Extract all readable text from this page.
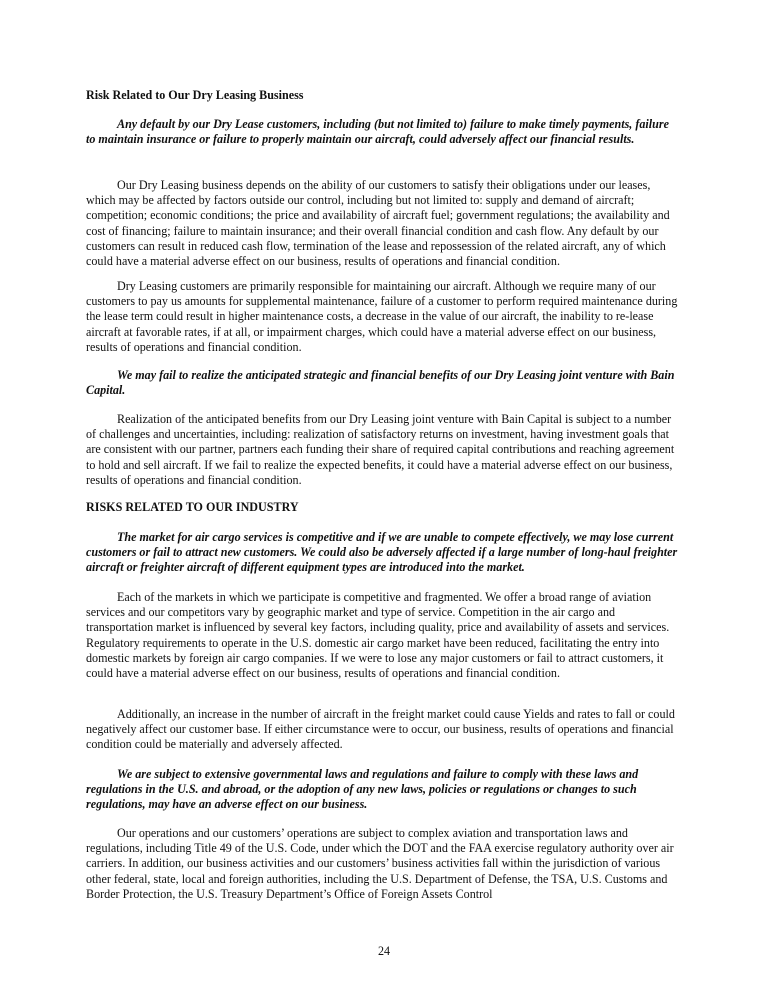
Risk Related to Our Dry Leasing Business
Any default by our Dry Lease customers, including (but not limited to) failure to make timely payments, failure to maintain insurance or failure to properly maintain our aircraft, could adversely affect our financial results.
Our Dry Leasing business depends on the ability of our customers to satisfy their obligations under our leases, which may be affected by factors outside our control, including but not limited to: supply and demand of aircraft; competition; economic conditions; the price and availability of aircraft fuel; government regulations; the availability and cost of financing; failure to maintain insurance; and their overall financial condition and cash flow. Any default by our customers can result in reduced cash flow, termination of the lease and repossession of the related aircraft, any of which could have a material adverse effect on our business, results of operations and financial condition.
Dry Leasing customers are primarily responsible for maintaining our aircraft. Although we require many of our customers to pay us amounts for supplemental maintenance, failure of a customer to perform required maintenance during the lease term could result in higher maintenance costs, a decrease in the value of our aircraft, the inability to re-lease aircraft at favorable rates, if at all, or impairment charges, which could have a material adverse effect on our business, results of operations and financial condition.
We may fail to realize the anticipated strategic and financial benefits of our Dry Leasing joint venture with Bain Capital.
Realization of the anticipated benefits from our Dry Leasing joint venture with Bain Capital is subject to a number of challenges and uncertainties, including: realization of satisfactory returns on investment, having investment goals that are consistent with our partner, partners each funding their share of required capital contributions and reaching agreement to hold and sell aircraft. If we fail to realize the expected benefits, it could have a material adverse effect on our business, results of operations and financial condition.
RISKS RELATED TO OUR INDUSTRY
The market for air cargo services is competitive and if we are unable to compete effectively, we may lose current customers or fail to attract new customers. We could also be adversely affected if a large number of long-haul freighter aircraft or freighter aircraft of different equipment types are introduced into the market.
Each of the markets in which we participate is competitive and fragmented. We offer a broad range of aviation services and our competitors vary by geographic market and type of service. Competition in the air cargo and transportation market is influenced by several key factors, including quality, price and availability of assets and services. Regulatory requirements to operate in the U.S. domestic air cargo market have been reduced, facilitating the entry into domestic markets by foreign air cargo companies. If we were to lose any major customers or fail to attract customers, it could have a material adverse effect on our business, results of operations and financial condition.
Additionally, an increase in the number of aircraft in the freight market could cause Yields and rates to fall or could negatively affect our customer base. If either circumstance were to occur, our business, results of operations and financial condition could be materially and adversely affected.
We are subject to extensive governmental laws and regulations and failure to comply with these laws and regulations in the U.S. and abroad, or the adoption of any new laws, policies or regulations or changes to such regulations, may have an adverse effect on our business.
Our operations and our customers’ operations are subject to complex aviation and transportation laws and regulations, including Title 49 of the U.S. Code, under which the DOT and the FAA exercise regulatory authority over air carriers. In addition, our business activities and our customers’ business activities fall within the jurisdiction of various other federal, state, local and foreign authorities, including the U.S. Department of Defense, the TSA, U.S. Customs and Border Protection, the U.S. Treasury Department’s Office of Foreign Assets Control
24
